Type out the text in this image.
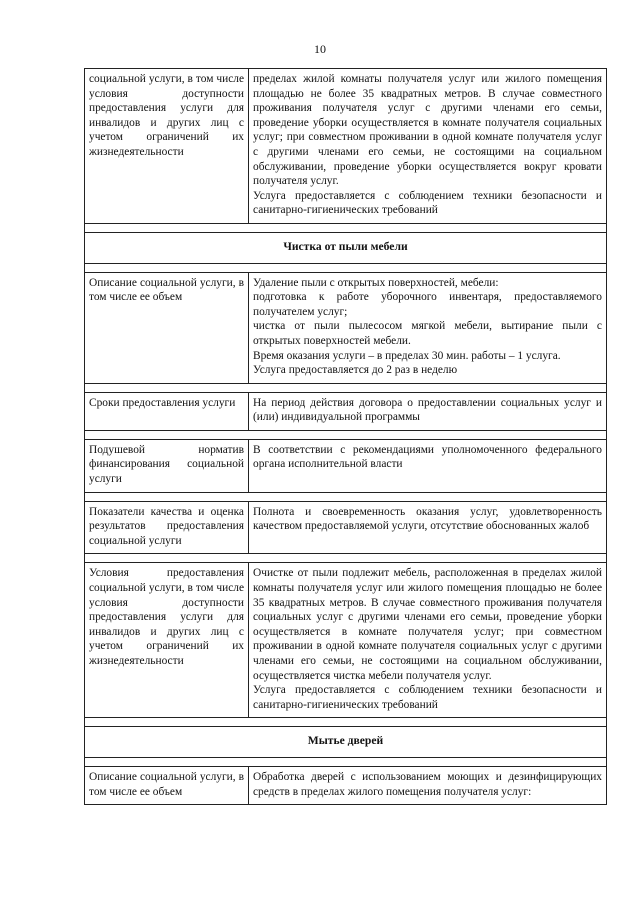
10
социальной услуги, в том числе условия доступности предоставления услуги для инвалидов и других лиц с учетом ограничений их жизнедеятельности	пределах жилой комнаты получателя услуг или жилого помещения площадью не более 35 квадратных метров. В случае совместного проживания получателя услуг с другими членами его семьи, проведение уборки осуществляется в комнате получателя социальных услуг; при совместном проживании в одной комнате получателя услуг с другими членами его семьи, не состоящими на социальном обслуживании, проведение уборки осуществляется вокруг кровати получателя услуг.
Услуга предоставляется с соблюдением техники безопасности и санитарно-гигиенических требований

Чистка от пыли мебели	

Описание социальной услуги, в том числе ее объем	Удаление пыли с открытых поверхностей, мебели:
подготовка к работе уборочного инвентаря, предоставляемого получателем услуг;
чистка от пыли пылесосом мягкой мебели, вытирание пыли с открытых поверхностей мебели.
Время оказания услуги – в пределах 30 мин. работы – 1 услуга.
Услуга предоставляется до 2 раз в неделю

Сроки предоставления услуги	На период действия договора о предоставлении социальных услуг и (или) индивидуальной программы

Подушевой норматив финансирования социальной услуги	В соответствии с рекомендациями уполномоченного федерального органа исполнительной власти

Показатели качества и оценка результатов предоставления социальной услуги	Полнота и своевременность оказания услуг, удовлетворенность качеством предоставляемой услуги, отсутствие обоснованных жалоб

Условия предоставления социальной услуги, в том числе условия доступности предоставления услуги для инвалидов и других лиц с учетом ограничений их жизнедеятельности	Очистке от пыли подлежит мебель, расположенная в пределах жилой комнаты получателя услуг или жилого помещения площадью не более 35 квадратных метров. В случае совместного проживания получателя социальных услуг с другими членами его семьи, проведение уборки осуществляется в комнате получателя услуг; при совместном проживании в одной комнате получателя социальных услуг с другими членами его семьи, не состоящими на социальном обслуживании, осуществляется чистка мебели получателя услуг.
Услуга предоставляется с соблюдением техники безопасности и санитарно-гигиенических требований

Мытье дверей	

Описание социальной услуги, в том числе ее объем	Обработка дверей с использованием моющих и дезинфицирующих средств в пределах жилого помещения получателя услуг:
